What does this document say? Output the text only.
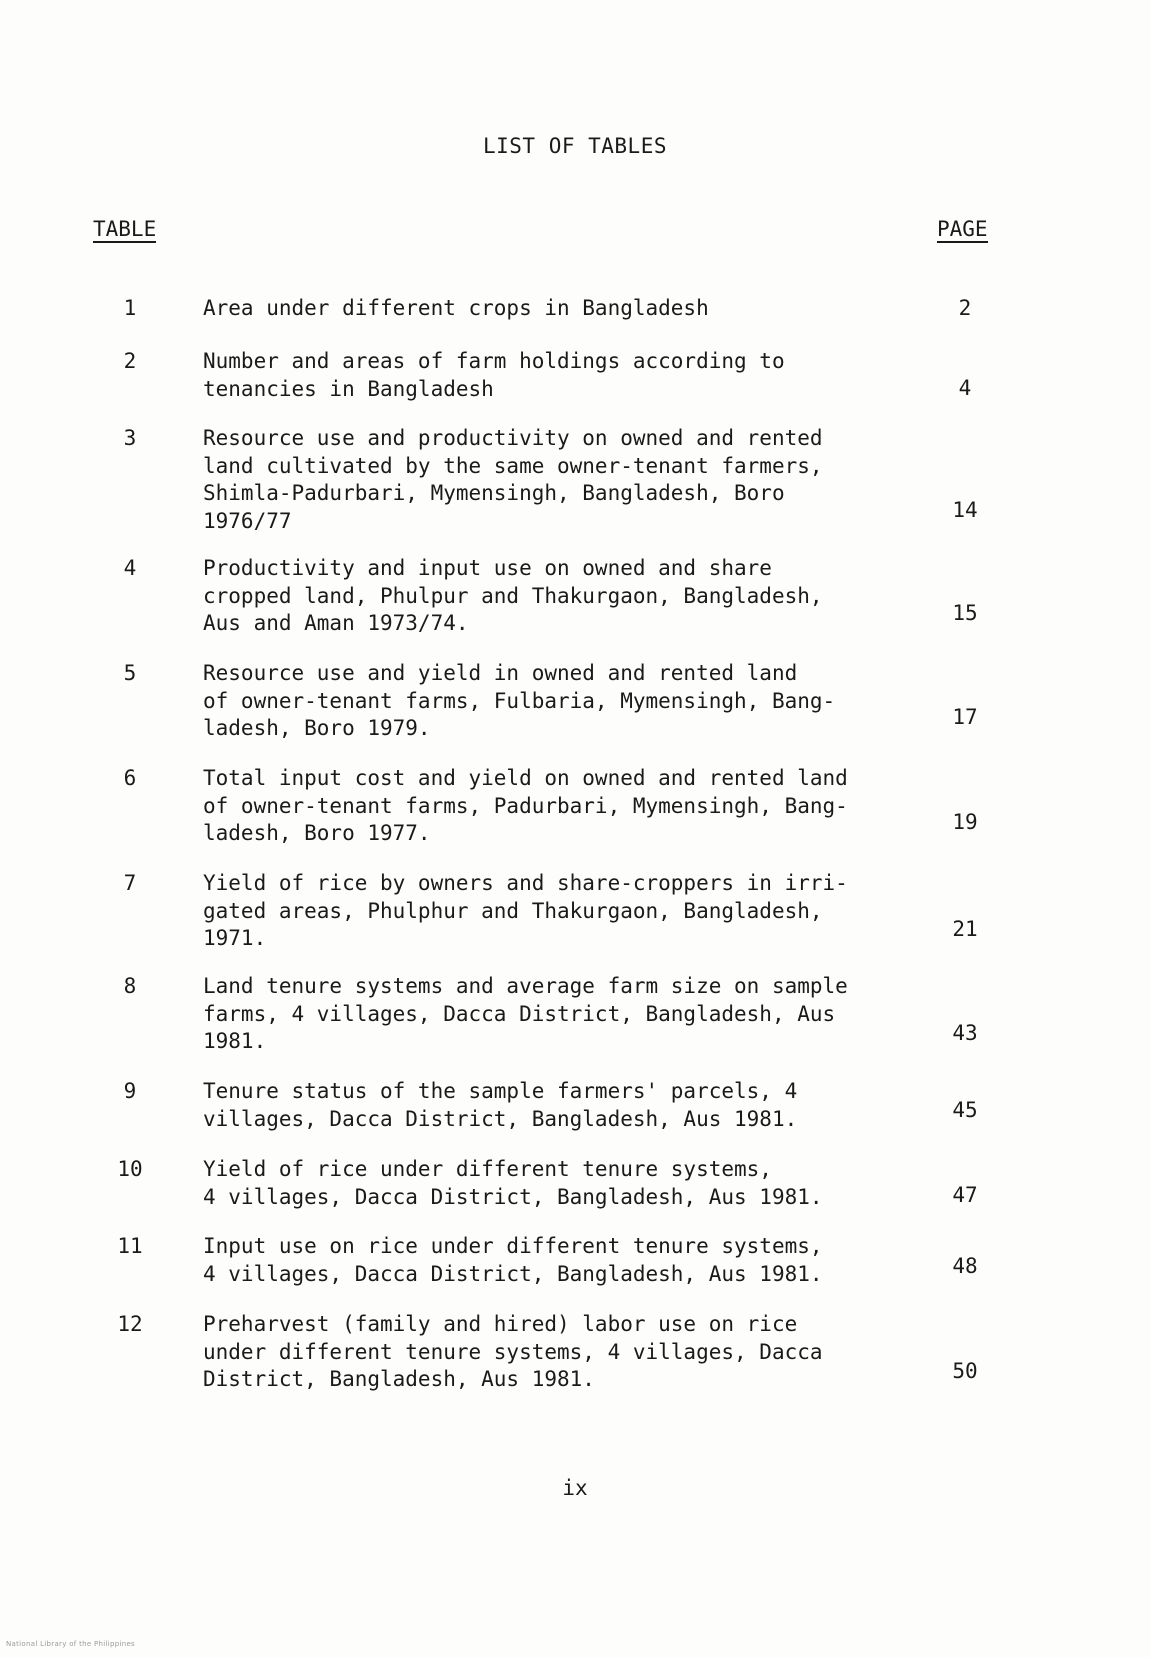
LIST OF TABLES
TABLE	PAGE
1	Area under different crops in Bangladesh	2
2	Number and areas of farm holdings according to
tenancies in Bangladesh	4
3	Resource use and productivity on owned and rented
land cultivated by the same owner-tenant farmers,
Shimla-Padurbari, Mymensingh, Bangladesh, Boro
1976/77	14
4	Productivity and input use on owned and share
cropped land, Phulpur and Thakurgaon, Bangladesh,
Aus and Aman 1973/74.	15
5	Resource use and yield in owned and rented land
of owner-tenant farms, Fulbaria, Mymensingh, Bang-
ladesh, Boro 1979.	17
6	Total input cost and yield on owned and rented land
of owner-tenant farms, Padurbari, Mymensingh, Bang-
ladesh, Boro 1977.	19
7	Yield of rice by owners and share-croppers in irri-
gated areas, Phulphur and Thakurgaon, Bangladesh,
1971.	21
8	Land tenure systems and average farm size on sample
farms, 4 villages, Dacca District, Bangladesh, Aus
1981.	43
9	Tenure status of the sample farmers' parcels, 4
villages, Dacca District, Bangladesh, Aus 1981.	45
10	Yield of rice under different tenure systems,
4 villages, Dacca District, Bangladesh, Aus 1981.	47
11	Input use on rice under different tenure systems,
4 villages, Dacca District, Bangladesh, Aus 1981.	48
12	Preharvest (family and hired) labor use on rice
under different tenure systems, 4 villages, Dacca
District, Bangladesh, Aus 1981.	50
ix
National Library of the Philippines
